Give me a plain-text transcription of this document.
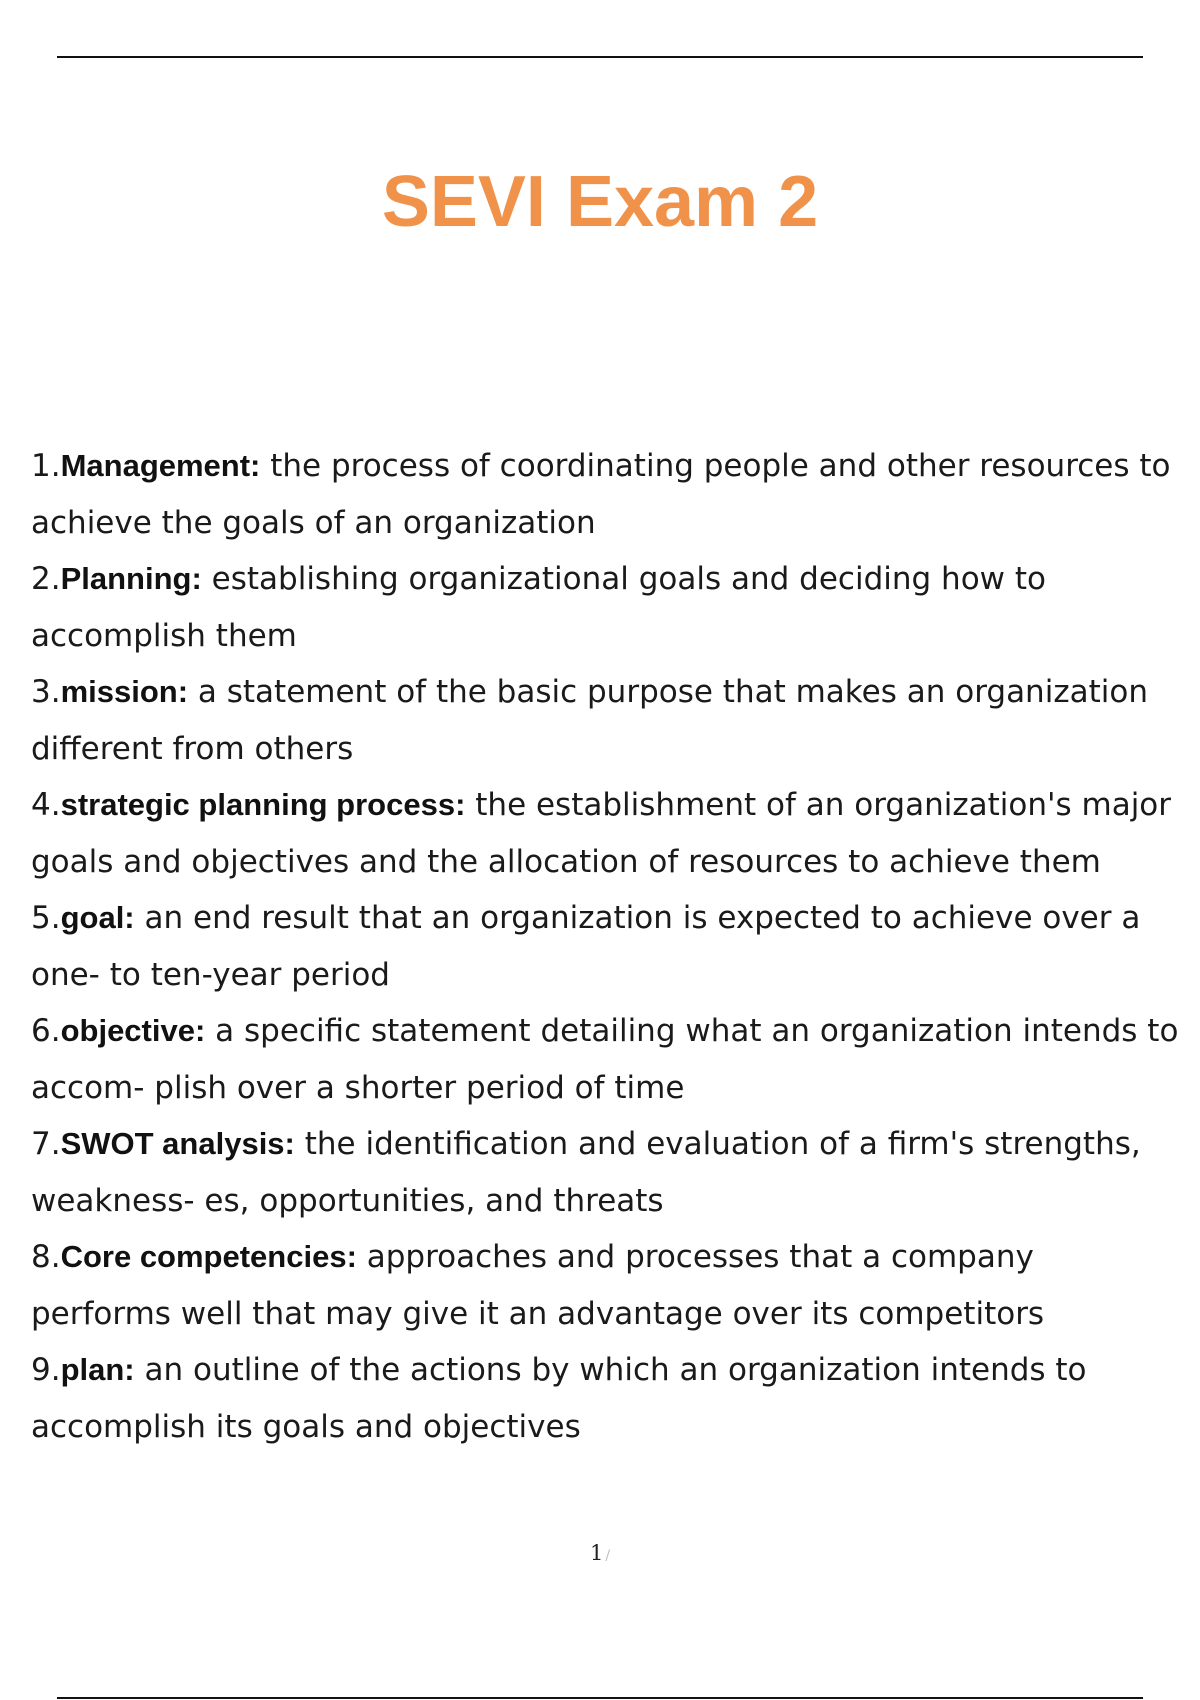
SEVI Exam 2
1.Management: the process of coordinating people and other resources to achieve the goals of an organization
2.Planning: establishing organizational goals and deciding how to accomplish them
3.mission: a statement of the basic purpose that makes an organization different from others
4.strategic planning process: the establishment of an organization's major goals and objectives and the allocation of resources to achieve them
5.goal: an end result that an organization is expected to achieve over a one- to ten-year period
6.objective: a specific statement detailing what an organization intends to accom- plish over a shorter period of time
7.SWOT analysis: the identification and evaluation of a firm's strengths, weakness- es, opportunities, and threats
8.Core competencies: approaches and processes that a company performs well that may give it an advantage over its competitors
9.plan: an outline of the actions by which an organization intends to accomplish its goals and objectives
1 /
